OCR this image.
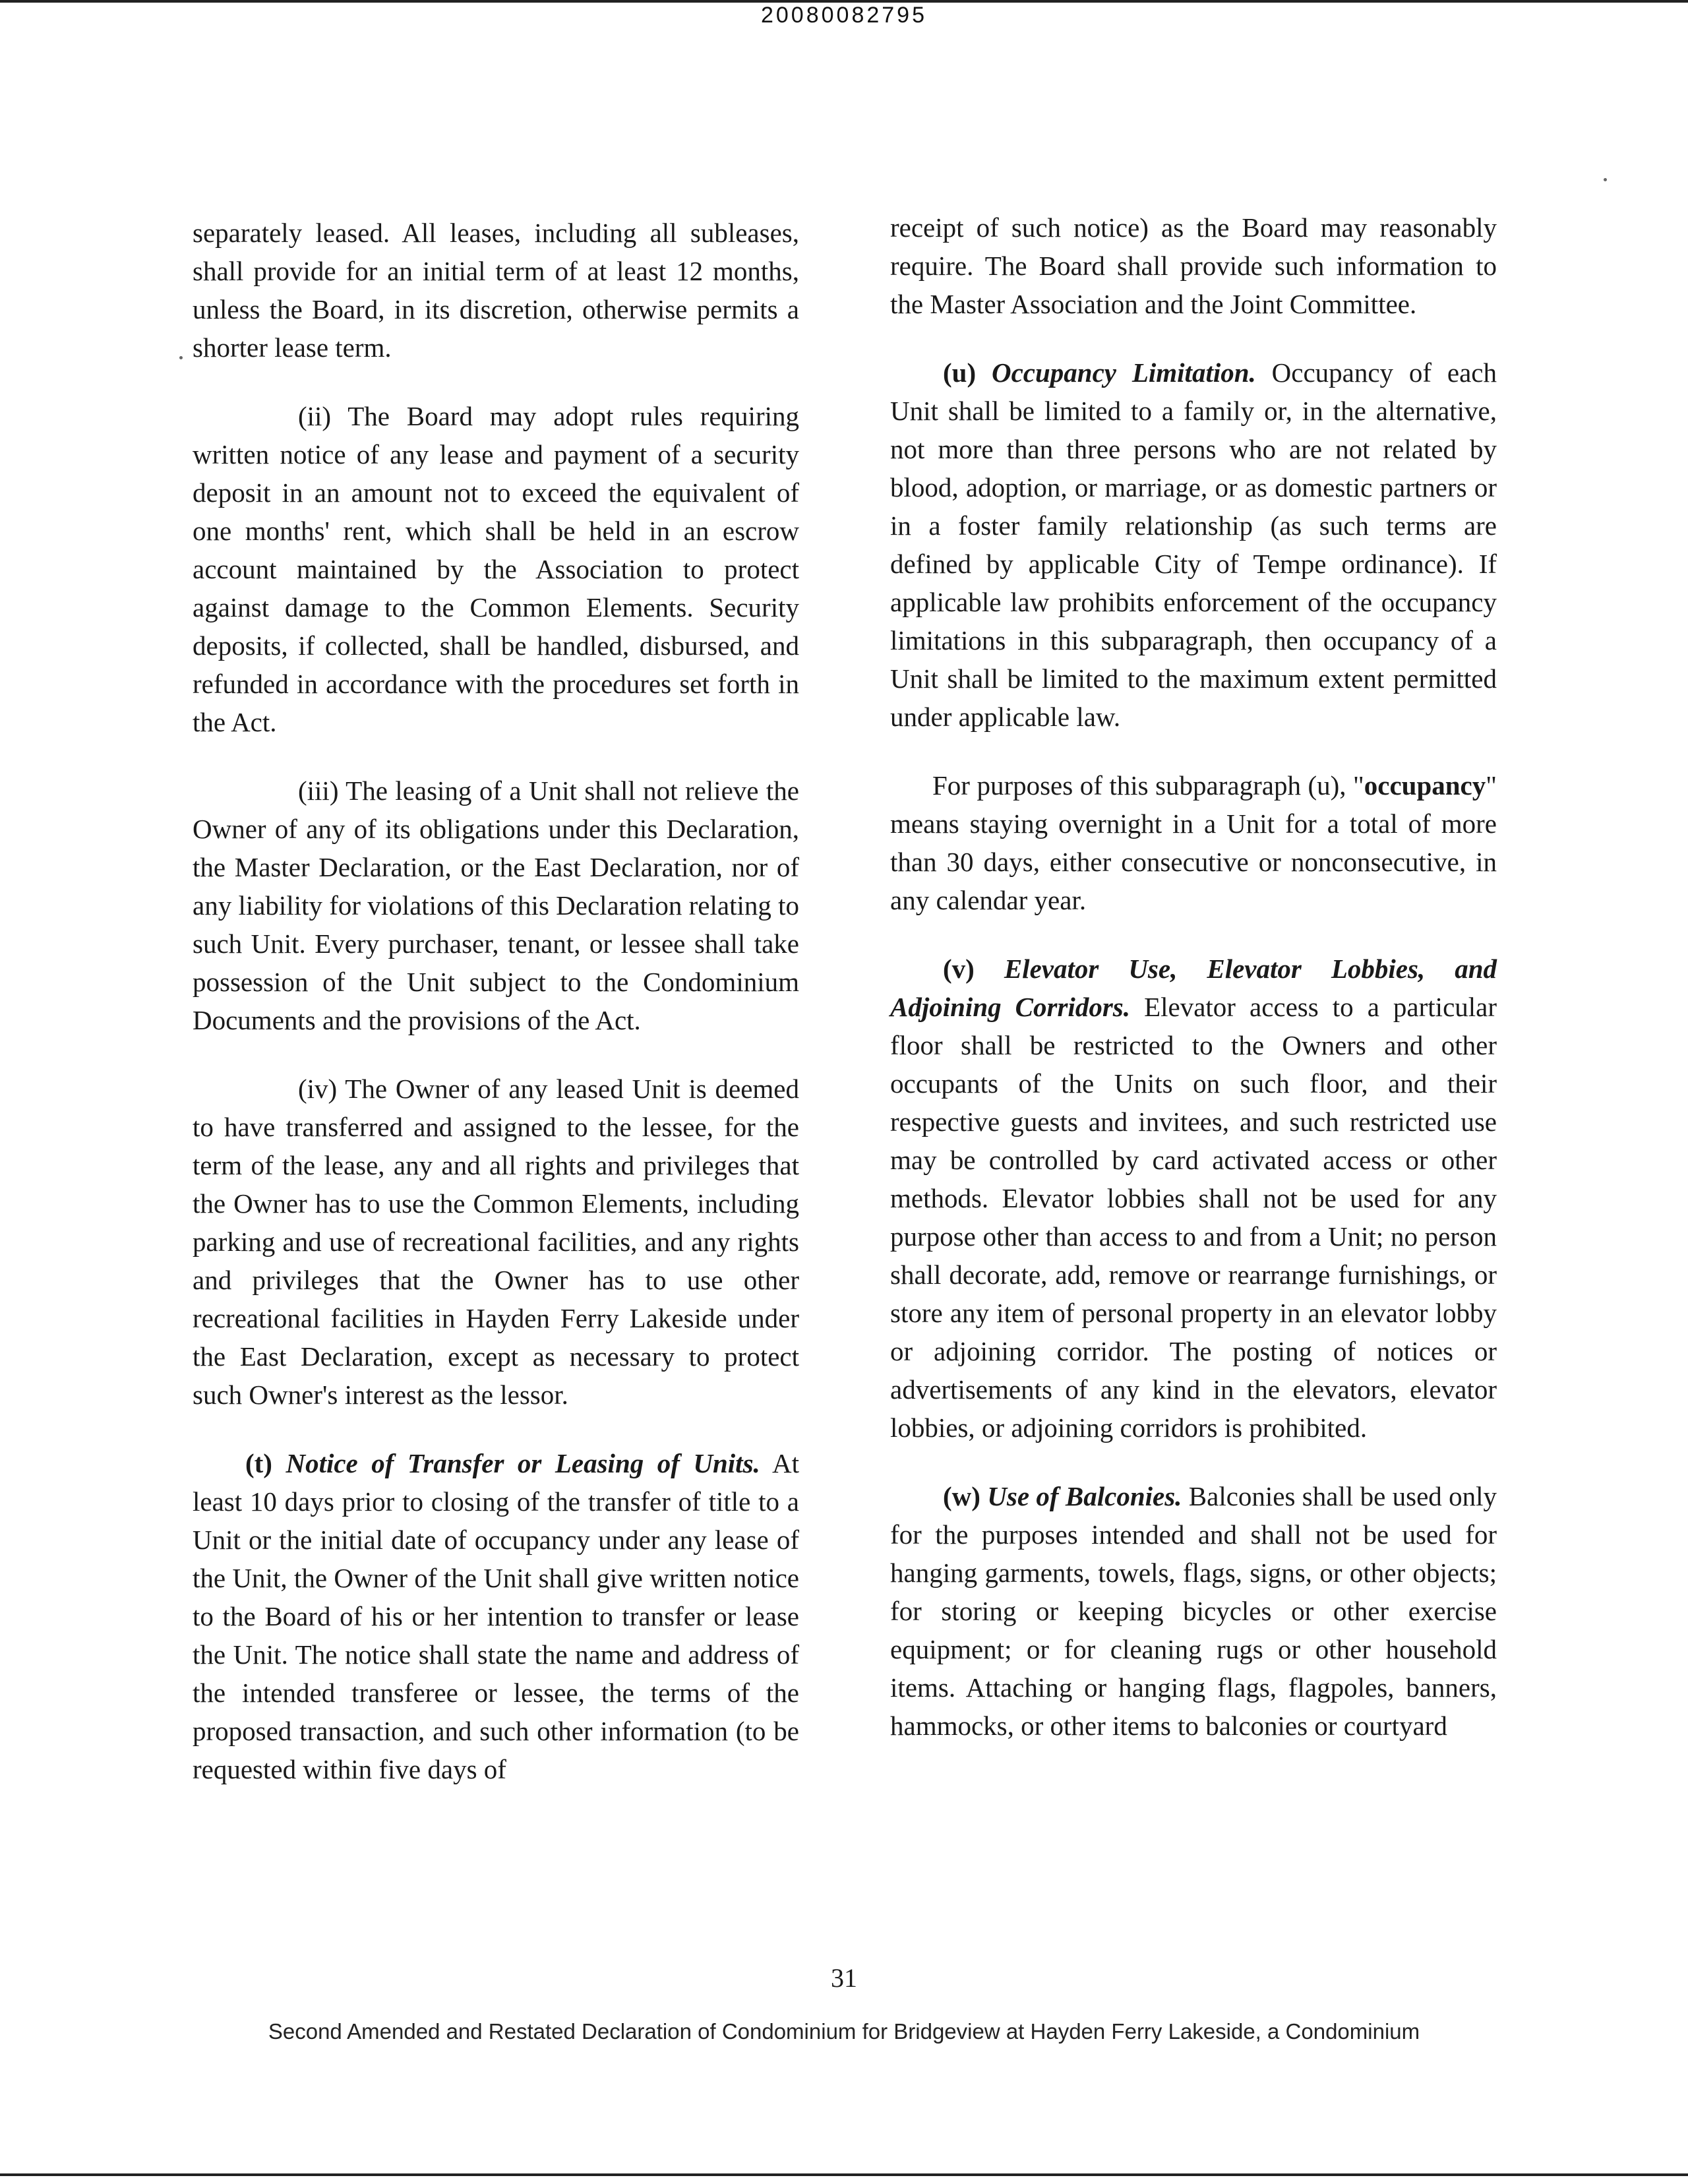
20080082795

separately leased. All leases, including all subleases, shall provide for an initial term of at least 12 months, unless the Board, in its discretion, otherwise permits a shorter lease term.

(ii) The Board may adopt rules requiring written notice of any lease and payment of a security deposit in an amount not to exceed the equivalent of one months' rent, which shall be held in an escrow account maintained by the Association to protect against damage to the Common Elements. Security deposits, if collected, shall be handled, disbursed, and refunded in accordance with the procedures set forth in the Act.

(iii) The leasing of a Unit shall not relieve the Owner of any of its obligations under this Declaration, the Master Declaration, or the East Declaration, nor of any liability for violations of this Declaration relating to such Unit. Every purchaser, tenant, or lessee shall take possession of the Unit subject to the Condominium Documents and the provisions of the Act.

(iv) The Owner of any leased Unit is deemed to have transferred and assigned to the lessee, for the term of the lease, any and all rights and privileges that the Owner has to use the Common Elements, including parking and use of recreational facilities, and any rights and privileges that the Owner has to use other recreational facilities in Hayden Ferry Lakeside under the East Declaration, except as necessary to protect such Owner's interest as the lessor.

(t) Notice of Transfer or Leasing of Units. At least 10 days prior to closing of the transfer of title to a Unit or the initial date of occupancy under any lease of the Unit, the Owner of the Unit shall give written notice to the Board of his or her intention to transfer or lease the Unit. The notice shall state the name and address of the intended transferee or lessee, the terms of the proposed transaction, and such other information (to be requested within five days of

receipt of such notice) as the Board may reasonably require. The Board shall provide such information to the Master Association and the Joint Committee.

(u) Occupancy Limitation. Occupancy of each Unit shall be limited to a family or, in the alternative, not more than three persons who are not related by blood, adoption, or marriage, or as domestic partners or in a foster family relationship (as such terms are defined by applicable City of Tempe ordinance). If applicable law prohibits enforcement of the occupancy limitations in this subparagraph, then occupancy of a Unit shall be limited to the maximum extent permitted under applicable law.

For purposes of this subparagraph (u), "occupancy" means staying overnight in a Unit for a total of more than 30 days, either consecutive or nonconsecutive, in any calendar year.

(v) Elevator Use, Elevator Lobbies, and Adjoining Corridors. Elevator access to a particular floor shall be restricted to the Owners and other occupants of the Units on such floor, and their respective guests and invitees, and such restricted use may be controlled by card activated access or other methods. Elevator lobbies shall not be used for any purpose other than access to and from a Unit; no person shall decorate, add, remove or rearrange furnishings, or store any item of personal property in an elevator lobby or adjoining corridor. The posting of notices or advertisements of any kind in the elevators, elevator lobbies, or adjoining corridors is prohibited.

(w) Use of Balconies. Balconies shall be used only for the purposes intended and shall not be used for hanging garments, towels, flags, signs, or other objects; for storing or keeping bicycles or other exercise equipment; or for cleaning rugs or other household items. Attaching or hanging flags, flagpoles, banners, hammocks, or other items to balconies or courtyard

31
Second Amended and Restated Declaration of Condominium for Bridgeview at Hayden Ferry Lakeside, a Condominium
